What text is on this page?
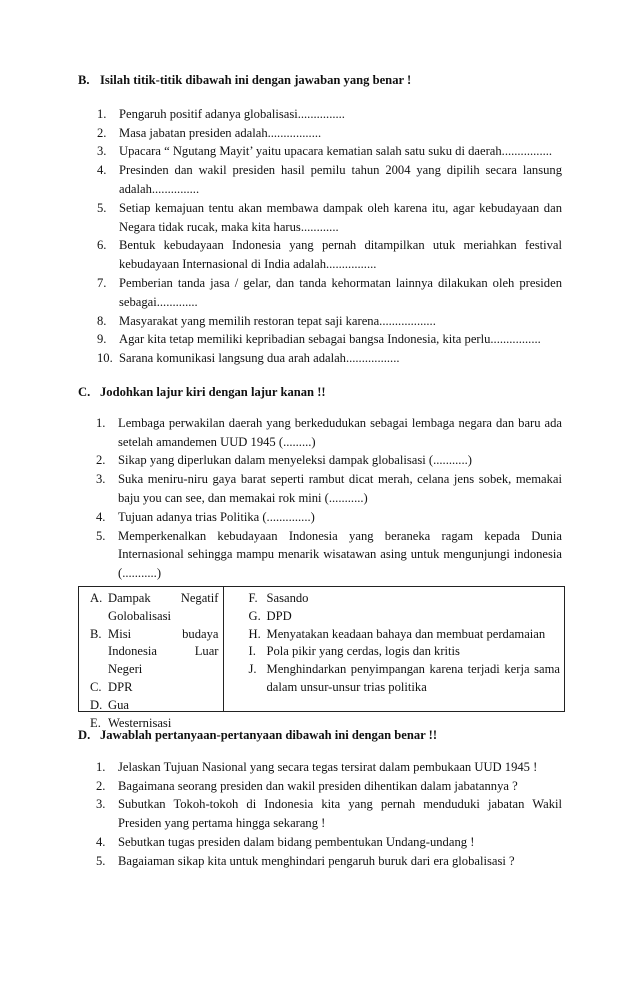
B. Isilah titik-titik dibawah ini dengan jawaban yang benar !
1. Pengaruh positif adanya globalisasi...............
2. Masa jabatan presiden adalah.................
3. Upacara “ Ngutang Mayit’ yaitu upacara kematian salah satu suku di daerah................
4. Presinden dan wakil presiden hasil pemilu tahun 2004 yang dipilih secara lansung adalah...............
5. Setiap kemajuan tentu akan membawa dampak oleh karena itu, agar kebudayaan dan Negara tidak rucak, maka kita harus............
6. Bentuk kebudayaan Indonesia yang pernah ditampilkan utuk meriahkan festival kebudayaan Internasional di India adalah................
7. Pemberian tanda jasa / gelar, dan tanda kehormatan lainnya dilakukan oleh presiden sebagai.............
8. Masyarakat yang memilih restoran tepat saji karena..................
9. Agar kita tetap memiliki kepribadian sebagai bangsa Indonesia, kita perlu................
10. Sarana komunikasi langsung dua arah adalah.................
C. Jodohkan lajur kiri dengan lajur kanan !!
1. Lembaga perwakilan daerah yang berkedudukan sebagai lembaga negara dan baru ada setelah amandemen UUD 1945 (.........)
2. Sikap yang diperlukan dalam menyeleksi dampak globalisasi (...........)
3. Suka meniru-niru gaya barat seperti rambut dicat merah, celana jens sobek, memakai baju you can see, dan memakai rok mini (...........)
4. Tujuan adanya trias Politika (..............)
5. Memperkenalkan kebudayaan Indonesia yang beraneka ragam kepada Dunia Internasional sehingga mampu menarik wisatawan asing untuk mengunjungi indonesia (...........)
A. Dampak Negatif Golobalisasi
B. Misi budaya Indonesia Luar Negeri
C. DPR
D. Gua
E. Westernisasi
F. Sasando
G. DPD
H. Menyatakan keadaan bahaya dan membuat perdamaian
I. Pola pikir yang cerdas, logis dan kritis
J. Menghindarkan penyimpangan karena terjadi kerja sama dalam unsur-unsur trias politika
D. Jawablah pertanyaan-pertanyaan dibawah ini dengan benar !!
1. Jelaskan Tujuan Nasional yang secara tegas tersirat dalam pembukaan UUD 1945 !
2. Bagaimana seorang presiden dan wakil presiden dihentikan dalam jabatannya ?
3. Subutkan Tokoh-tokoh di Indonesia kita yang pernah menduduki jabatan Wakil Presiden yang pertama hingga sekarang !
4. Sebutkan tugas presiden dalam bidang pembentukan Undang-undang !
5. Bagaiaman sikap kita untuk menghindari pengaruh buruk dari era globalisasi ?
